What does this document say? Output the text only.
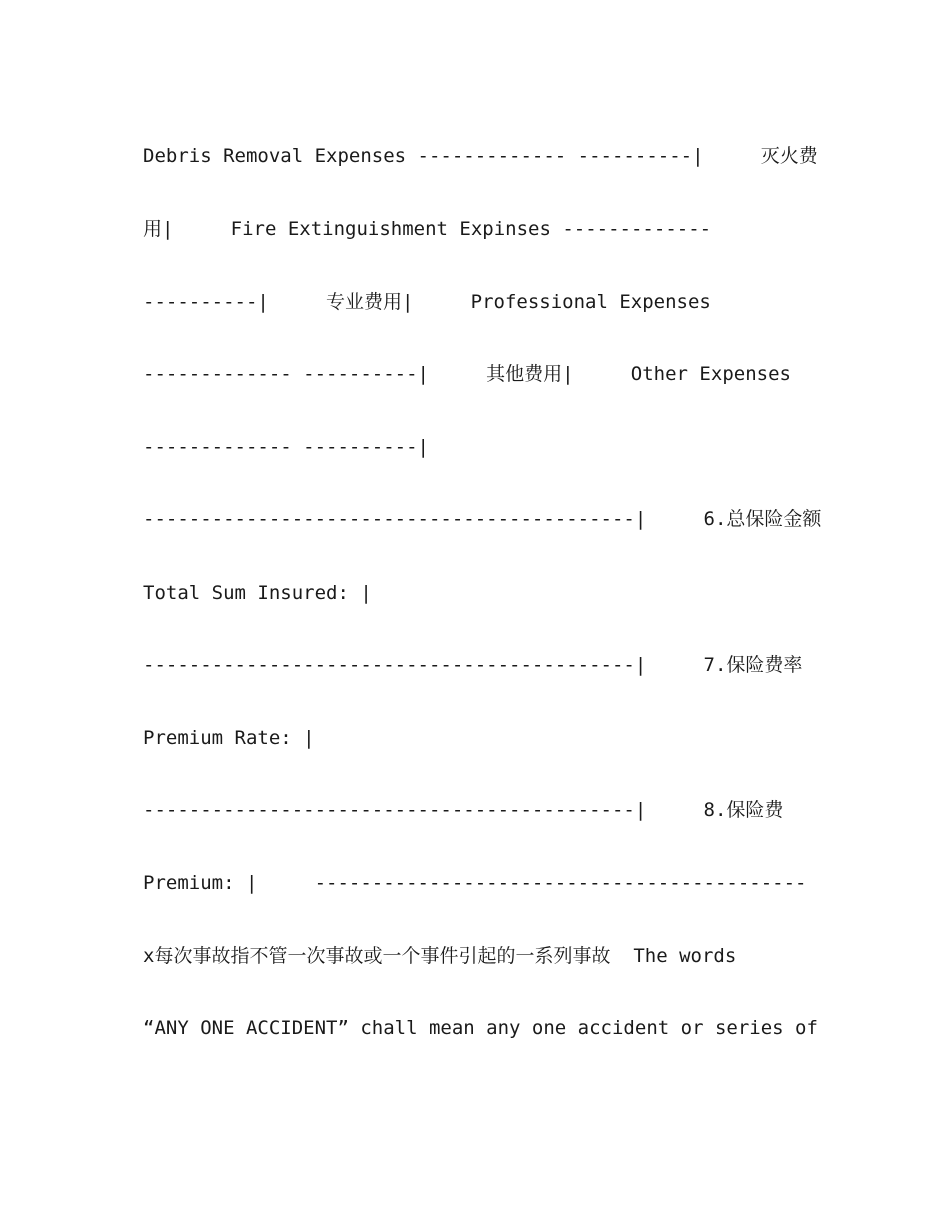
Debris Removal Expenses ------------- ----------|     灭火费
用|     Fire Extinguishment Expinses -------------
----------|     专业费用|     Professional Expenses
------------- ----------|     其他费用|     Other Expenses
------------- ----------|
-------------------------------------------|     6.总保险金额
Total Sum Insured: |
-------------------------------------------|     7.保险费率
Premium Rate: |
-------------------------------------------|     8.保险费
Premium: |     -------------------------------------------
x每次事故指不管一次事故或一个事件引起的一系列事故  The words
“ANY ONE ACCIDENT” chall mean any one accident or series of
